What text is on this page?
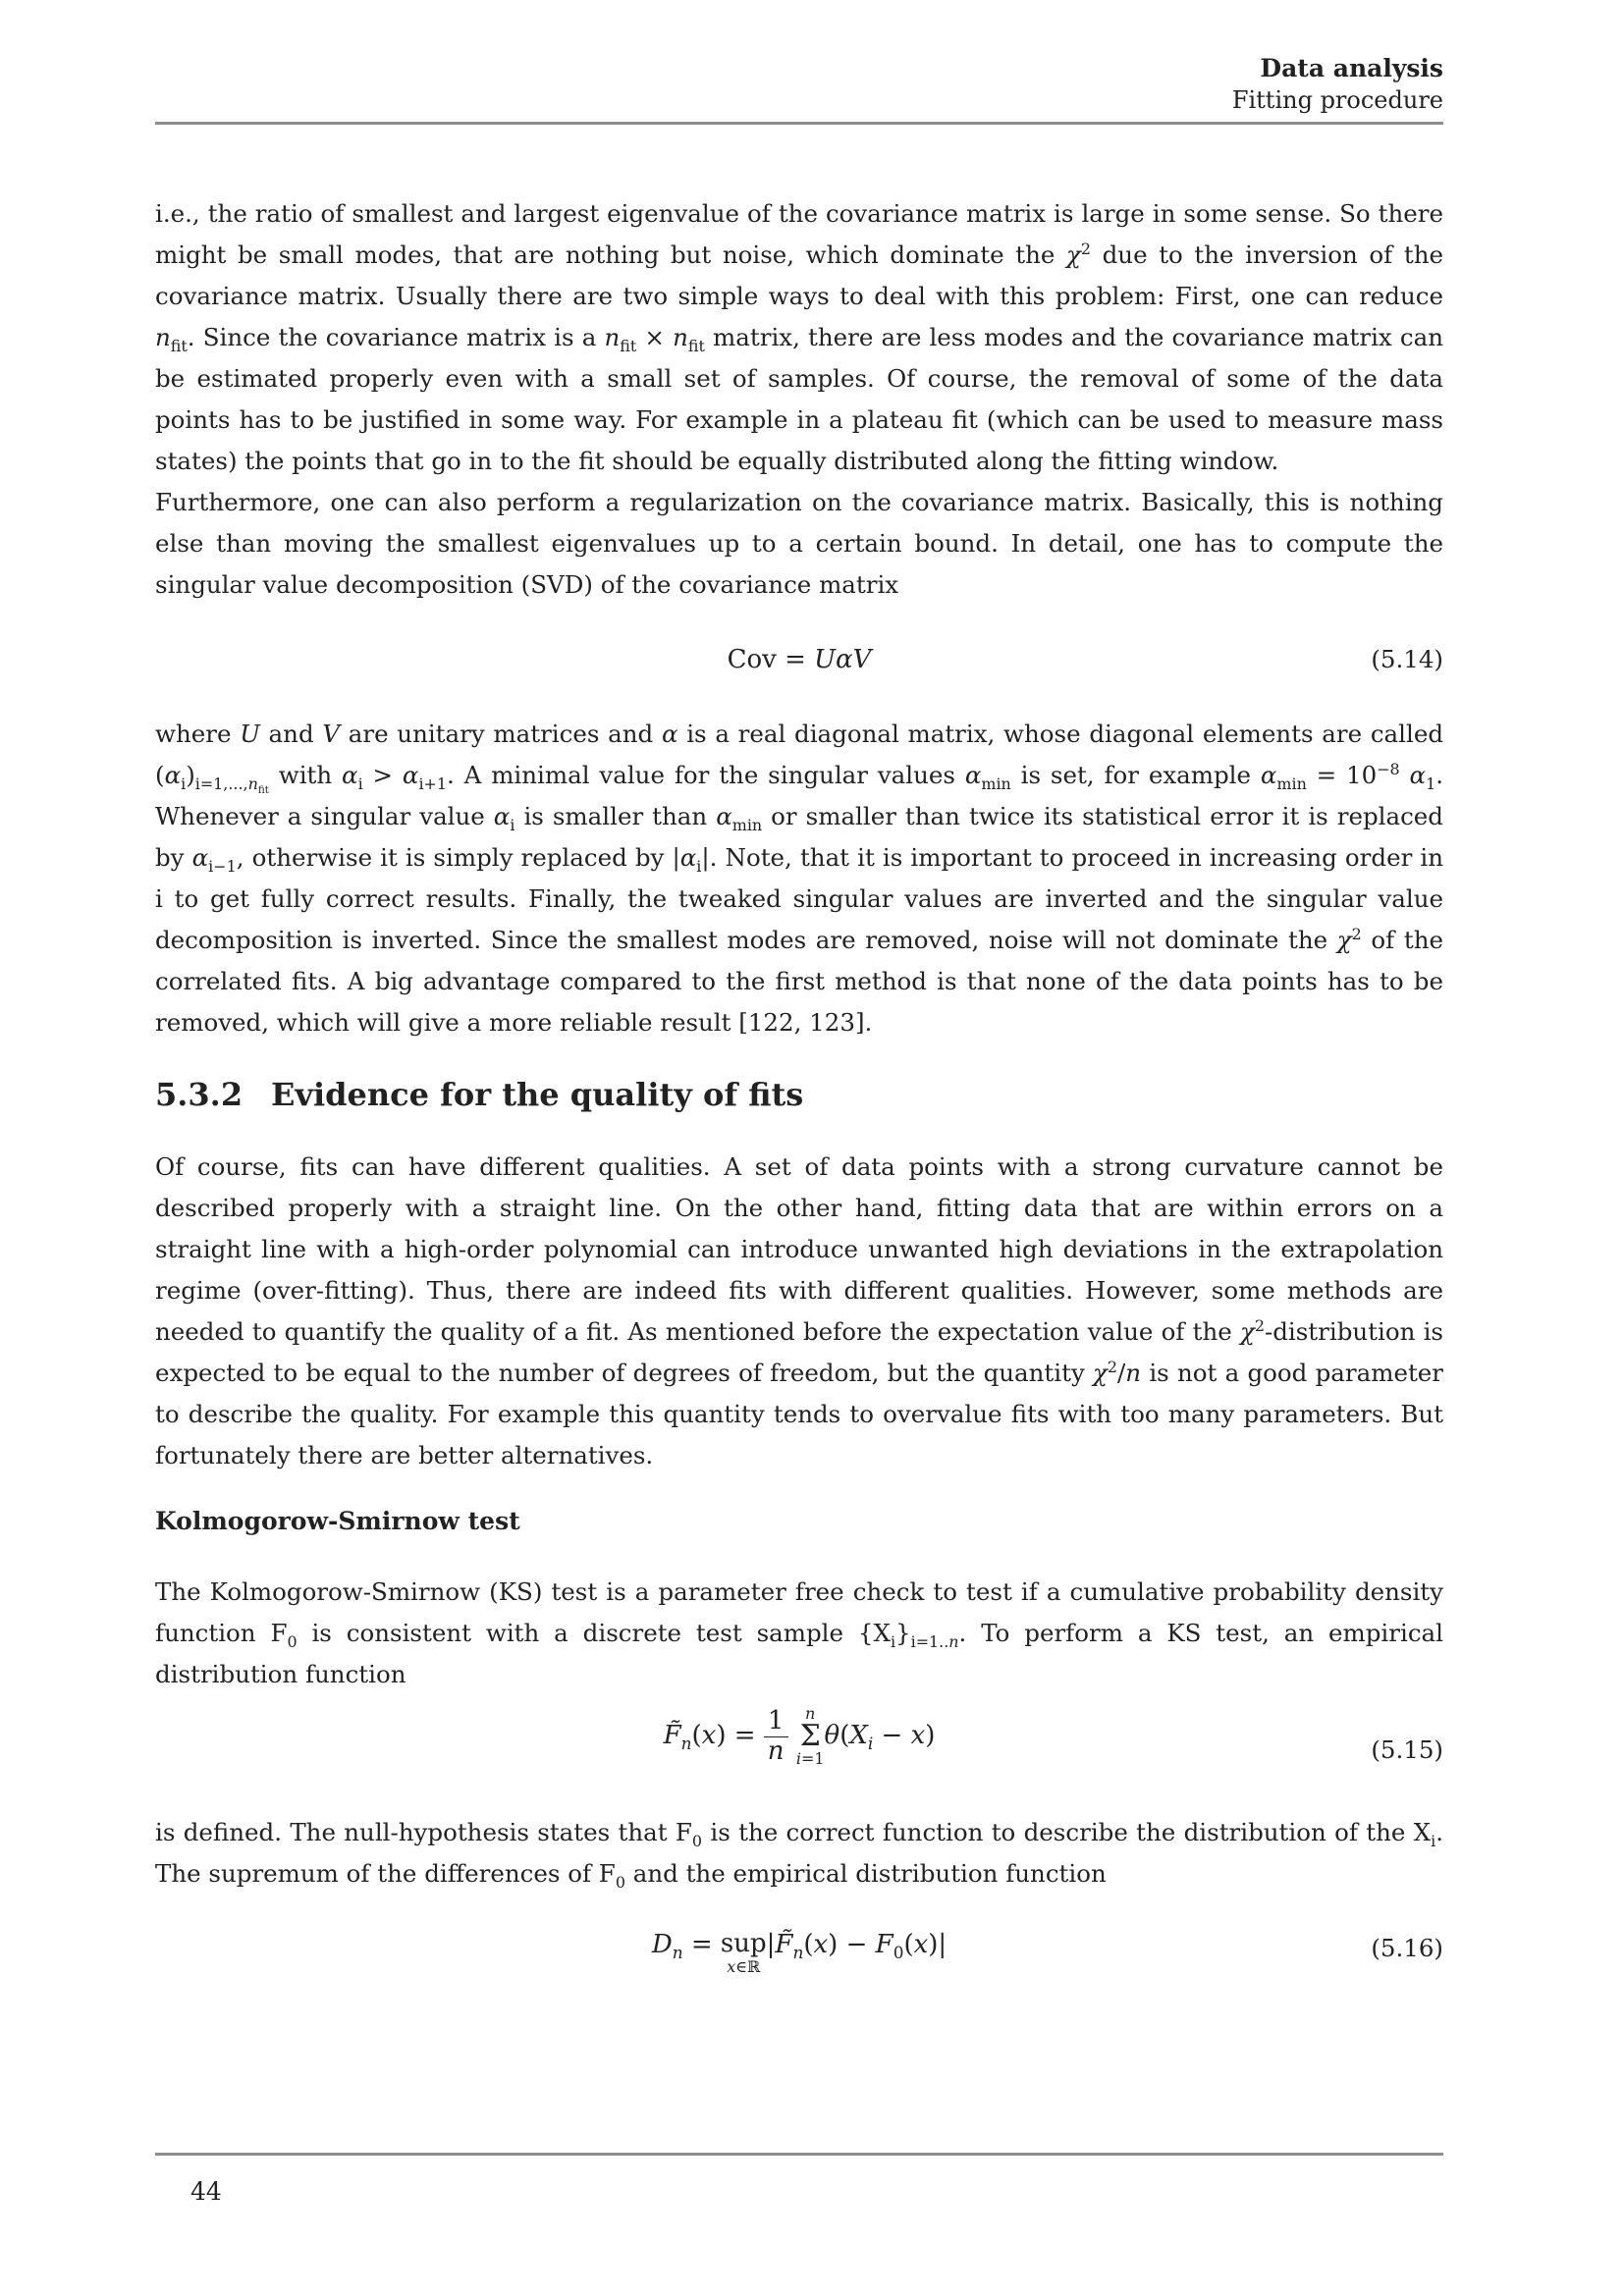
Data analysis
Fitting procedure

i.e., the ratio of smallest and largest eigenvalue of the covariance matrix is large in some sense. So there might be small modes, that are nothing but noise, which dominate the $\chi^2$ due to the inversion of the covariance matrix. Usually there are two simple ways to deal with this problem: First, one can reduce $n_{fit}$. Since the covariance matrix is a $n_{fit} \times n_{fit}$ matrix, there are less modes and the covariance matrix can be estimated properly even with a small set of samples. Of course, the removal of some of the data points has to be justified in some way. For example in a plateau fit (which can be used to measure mass states) the points that go in to the fit should be equally distributed along the fitting window.

Furthermore, one can also perform a regularization on the covariance matrix. Basically, this is nothing else than moving the smallest eigenvalues up to a certain bound. In detail, one has to compute the singular value decomposition (SVD) of the covariance matrix

Cov = UαV	(5.14)

where U and V are unitary matrices and α is a real diagonal matrix, whose diagonal elements are called $(\alpha_i)_{i=1,...,n_{fit}}$ with $\alpha_i > \alpha_{i+1}$. A minimal value for the singular values $\alpha_{min}$ is set, for example $\alpha_{min} = 10^{-8}$ $\alpha_1$. Whenever a singular value $\alpha_i$ is smaller than $\alpha_{min}$ or smaller than twice its statistical error it is replaced by $\alpha_{i-1}$, otherwise it is simply replaced by $|\alpha_i|$. Note, that it is important to proceed in increasing order in i to get fully correct results. Finally, the tweaked singular values are inverted and the singular value decomposition is inverted. Since the smallest modes are removed, noise will not dominate the $\chi^2$ of the correlated fits. A big advantage compared to the first method is that none of the data points has to be removed, which will give a more reliable result [122, 123].

5.3.2 Evidence for the quality of fits

Of course, fits can have different qualities. A set of data points with a strong curvature cannot be described properly with a straight line. On the other hand, fitting data that are within errors on a straight line with a high-order polynomial can introduce unwanted high deviations in the extrapolation regime (over-fitting). Thus, there are indeed fits with different qualities. However, some methods are needed to quantify the quality of a fit. As mentioned before the expectation value of the $\chi^2$-distribution is expected to be equal to the number of degrees of freedom, but the quantity $\chi^2/n$ is not a good parameter to describe the quality. For example this quantity tends to overvalue fits with too many parameters. But fortunately there are better alternatives.

Kolmogorow-Smirnow test

The Kolmogorow-Smirnow (KS) test is a parameter free check to test if a cumulative probability density function $F_0$ is consistent with a discrete test sample $\{X_i\}_{i=1..n}$. To perform a KS test, an empirical distribution function

$F̃_n(x) = \frac{1}{n}$
	n
Σ
i=1
$\theta(X_i - x)$	(5.15)

is defined. The null-hypothesis states that $F_0$ is the correct function to describe the distribution of the $X_i$. The supremum of the differences of $F_0$ and the empirical distribution function

$D_n$ = sup
x∈ℝ
$|F̃_n(x) - F_0(x)|$	(5.16)
44
